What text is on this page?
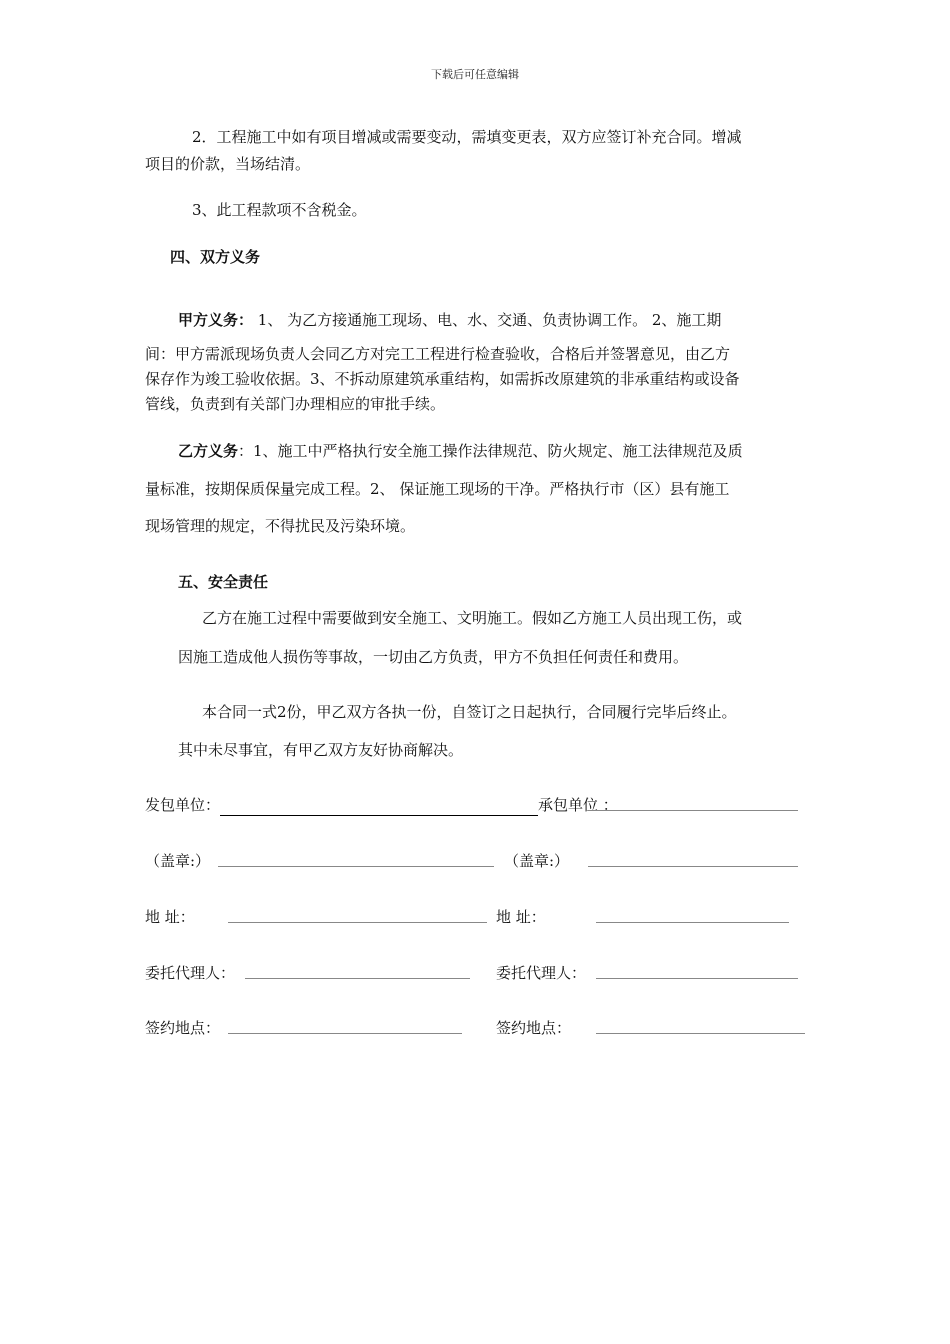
下载后可任意编辑
2．工程施工中如有项目增减或需要变动，需填变更表，双方应签订补充合同。增减
项目的价款，当场结清。
3、此工程款项不含税金。
四、双方义务
甲方义务： 1、 为乙方接通施工现场、电、水、交通、负责协调工作。 2、施工期
间：甲方需派现场负责人会同乙方对完工工程进行检查验收，合格后并签署意见，由乙方
保存作为竣工验收依据。3、不拆动原建筑承重结构，如需拆改原建筑的非承重结构或设备
管线，负责到有关部门办理相应的审批手续。
乙方义务：1、施工中严格执行安全施工操作法律规范、防火规定、施工法律规范及质
量标准，按期保质保量完成工程。2、 保证施工现场的干净。严格执行市（区）县有施工
现场管理的规定，不得扰民及污染环境。
五、安全责任
乙方在施工过程中需要做到安全施工、文明施工。假如乙方施工人员出现工伤，或
因施工造成他人损伤等事故，一切由乙方负责，甲方不负担任何责任和费用。
本合同一式2份，甲乙双方各执一份，自签订之日起执行，合同履行完毕后终止。
其中未尽事宜，有甲乙双方友好协商解决。
发包单位：	承包单位 ：
（盖章:）	（盖章:）
地 址：	地 址：
委托代理人：	委托代理人：
签约地点：	签约地点：
